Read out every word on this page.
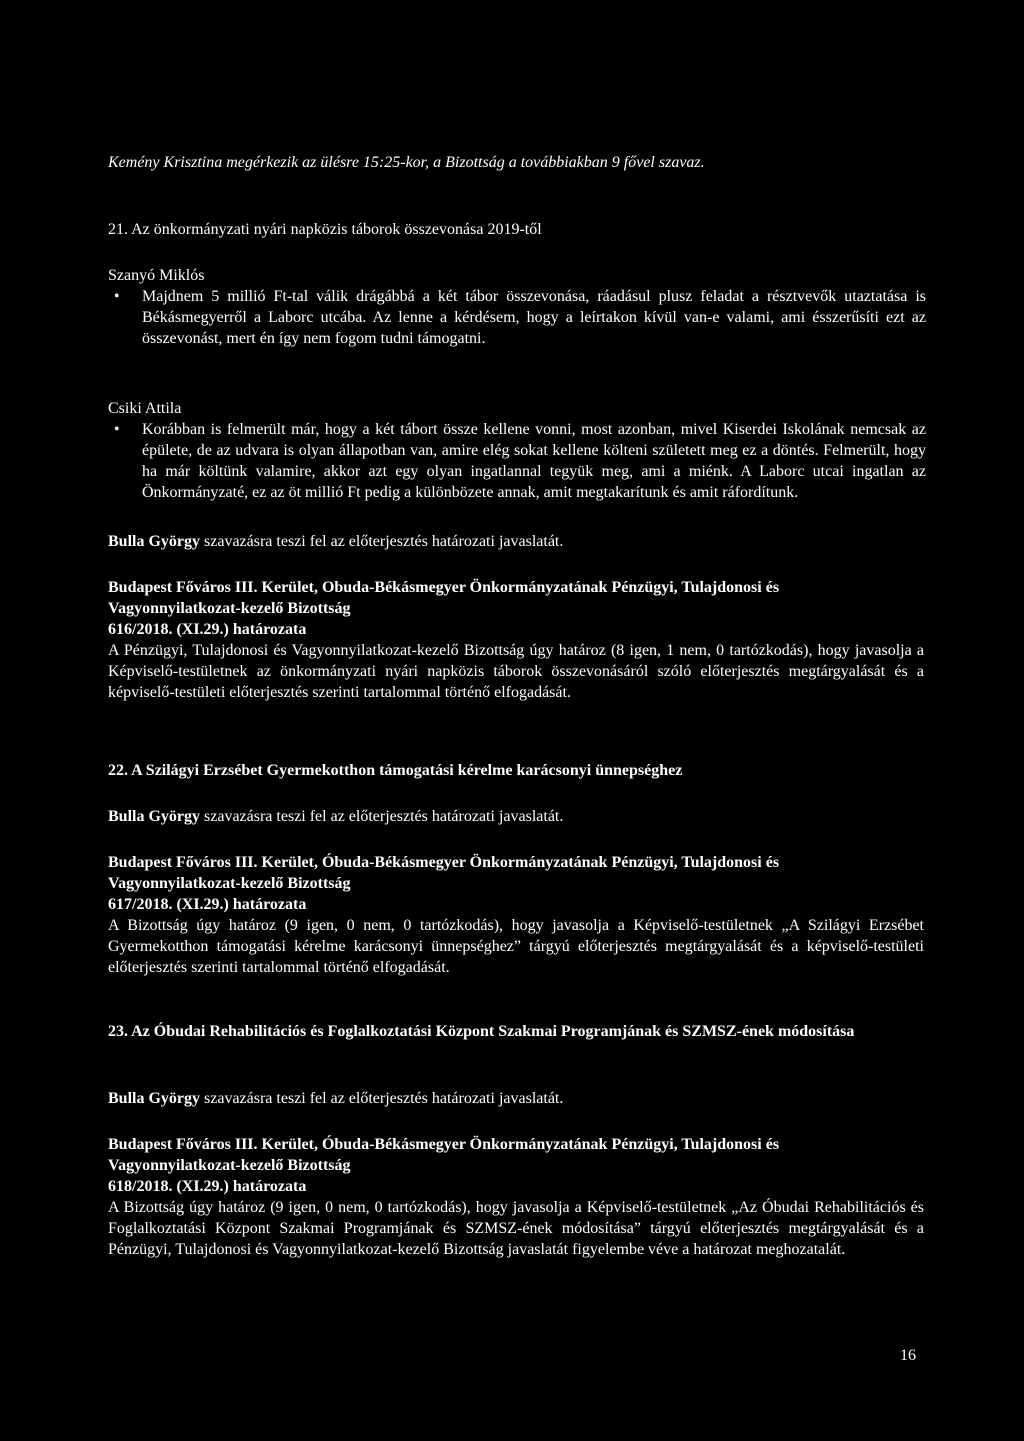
Kemény Krisztina megérkezik az ülésre 15:25-kor, a Bizottság a továbbiakban 9 fővel szavaz.
21. Az önkormányzati nyári napközis táborok összevonása 2019-től
Szanyó Miklós
• Majdnem 5 millió Ft-tal válik drágábbá a két tábor összevonása, ráadásul plusz feladat a résztvevők utaztatása is Békásmegyerről a Laborc utcába. Az lenne a kérdésem, hogy a leírtakon kívül van-e valami, ami ésszerűsíti ezt az összevonást, mert én így nem fogom tudni támogatni.
Csiki Attila
• Korábban is felmerült már, hogy a két tábort össze kellene vonni, most azonban, mivel Kiserdei Iskolának nemcsak az épülete, de az udvara is olyan állapotban van, amire elég sokat kellene költeni született meg ez a döntés. Felmerült, hogy ha már költünk valamire, akkor azt egy olyan ingatlannal tegyük meg, ami a miénk. A Laborc utcai ingatlan az Önkormányzaté, ez az öt millió Ft pedig a különbözete annak, amit megtakarítunk és amit ráfordítunk.
Bulla György szavazásra teszi fel az előterjesztés határozati javaslatát.
Budapest Főváros III. Kerület, Obuda-Békásmegyer Önkormányzatának Pénzügyi, Tulajdonosi és
Vagyonnyilatkozat-kezelő Bizottság
616/2018. (XI.29.) határozata
A Pénzügyi, Tulajdonosi és Vagyonnyilatkozat-kezelő Bizottság úgy határoz (8 igen, 1 nem, 0 tartózkodás), hogy javasolja a Képviselő-testületnek az önkormányzati nyári napközis táborok összevonásáról szóló előterjesztés megtárgyalását és a képviselő-testületi előterjesztés szerinti tartalommal történő elfogadását.
22. A Szilágyi Erzsébet Gyermekotthon támogatási kérelme karácsonyi ünnepséghez
Bulla György szavazásra teszi fel az előterjesztés határozati javaslatát.
Budapest Főváros III. Kerület, Óbuda-Békásmegyer Önkormányzatának Pénzügyi, Tulajdonosi és
Vagyonnyilatkozat-kezelő Bizottság
617/2018. (XI.29.) határozata
A Bizottság úgy határoz (9 igen, 0 nem, 0 tartózkodás), hogy javasolja a Képviselő-testületnek „A Szilágyi Erzsébet Gyermekotthon támogatási kérelme karácsonyi ünnepséghez” tárgyú előterjesztés megtárgyalását és a képviselő-testületi előterjesztés szerinti tartalommal történő elfogadását.
23. Az Óbudai Rehabilitációs és Foglalkoztatási Központ Szakmai Programjának és SZMSZ-ének módosítása
Bulla György szavazásra teszi fel az előterjesztés határozati javaslatát.
Budapest Főváros III. Kerület, Óbuda-Békásmegyer Önkormányzatának Pénzügyi, Tulajdonosi és
Vagyonnyilatkozat-kezelő Bizottság
618/2018. (XI.29.) határozata
A Bizottság úgy határoz (9 igen, 0 nem, 0 tartózkodás), hogy javasolja a Képviselő-testületnek „Az Óbudai Rehabilitációs és Foglalkoztatási Központ Szakmai Programjának és SZMSZ-ének módosítása” tárgyú előterjesztés megtárgyalását és a Pénzügyi, Tulajdonosi és Vagyonnyilatkozat-kezelő Bizottság javaslatát figyelembe véve a határozat meghozatalát.
16
